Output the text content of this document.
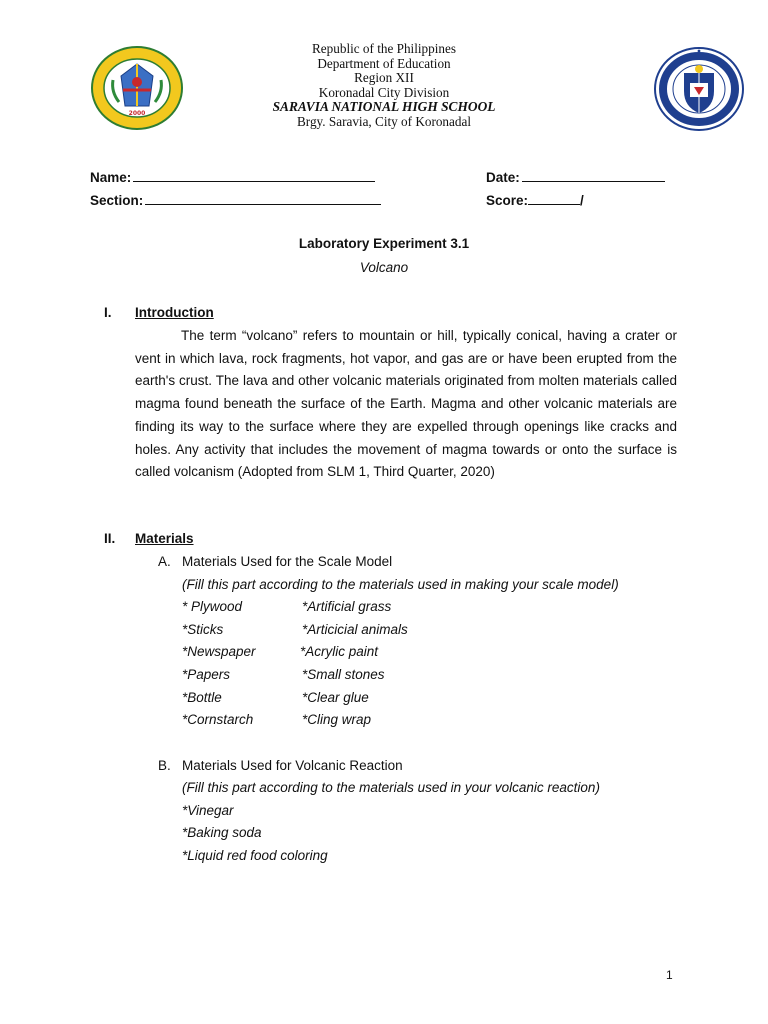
2000
Republic of the Philippines
Department of Education
Region XII
Koronadal City Division
SARAVIA NATIONAL HIGH SCHOOL
Brgy. Saravia, City of Koronadal
Name:	Date:
Section:	Score:	/
Laboratory Experiment 3.1
Volcano
I. Introduction

The term “volcano” refers to mountain or hill, typically conical, having a crater or vent in which lava, rock fragments, hot vapor, and gas are or have been erupted from the earth's crust. The lava and other volcanic materials originated from molten materials called magma found beneath the surface of the Earth. Magma and other volcanic materials are finding its way to the surface where they are expelled through openings like cracks and holes. Any activity that includes the movement of magma towards or onto the surface is called volcanism (Adopted from SLM 1, Third Quarter, 2020)

II. Materials
A. Materials Used for the Scale Model
(Fill this part according to the materials used in making your scale model)
* Plywood	*Artificial grass
*Sticks	*Articicial animals
*Newspaper	*Acrylic paint
*Papers	*Small stones
*Bottle	*Clear glue
*Cornstarch	*Cling wrap
B. Materials Used for Volcanic Reaction
(Fill this part according to the materials used in your volcanic reaction)
*Vinegar
*Baking soda
*Liquid red food coloring
1
